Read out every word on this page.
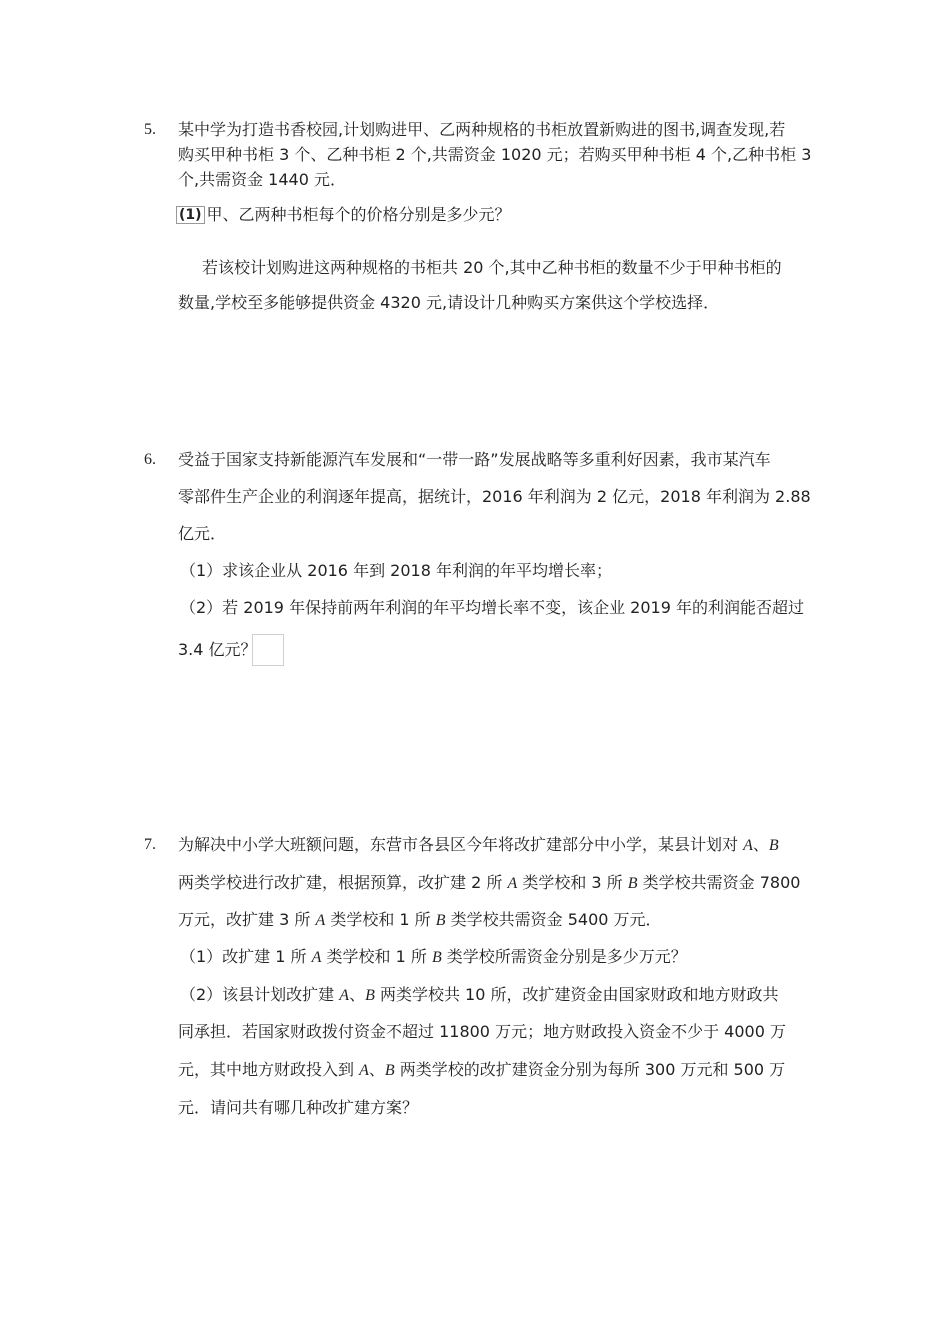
5. 某中学为打造书香校园,计划购进甲、乙两种规格的书柜放置新购进的图书,调查发现,若
购买甲种书柜 3 个、乙种书柜 2 个,共需资金 1020 元；若购买甲种书柜 4 个,乙种书柜 3
个,共需资金 1440 元．
(1) 甲、乙两种书柜每个的价格分别是多少元？
若该校计划购进这两种规格的书柜共 20 个,其中乙种书柜的数量不少于甲种书柜的
数量,学校至多能够提供资金 4320 元,请设计几种购买方案供这个学校选择．
6. 受益于国家支持新能源汽车发展和“一带一路”发展战略等多重利好因素，我市某汽车
零部件生产企业的利润逐年提高，据统计，2016 年利润为 2 亿元，2018 年利润为 2.88
亿元．
（1）求该企业从 2016 年到 2018 年利润的年平均增长率；
（2）若 2019 年保持前两年利润的年平均增长率不变，该企业 2019 年的利润能否超过
3.4 亿元？
7. 为解决中小学大班额问题，东营市各县区今年将改扩建部分中小学，某县计划对 A、B
两类学校进行改扩建，根据预算，改扩建 2 所 A 类学校和 3 所 B 类学校共需资金 7800
万元，改扩建 3 所 A 类学校和 1 所 B 类学校共需资金 5400 万元．
（1）改扩建 1 所 A 类学校和 1 所 B 类学校所需资金分别是多少万元？
（2）该县计划改扩建 A、B 两类学校共 10 所，改扩建资金由国家财政和地方财政共
同承担．若国家财政拨付资金不超过 11800 万元；地方财政投入资金不少于 4000 万
元，其中地方财政投入到 A、B 两类学校的改扩建资金分别为每所 300 万元和 500 万
元．请问共有哪几种改扩建方案？
